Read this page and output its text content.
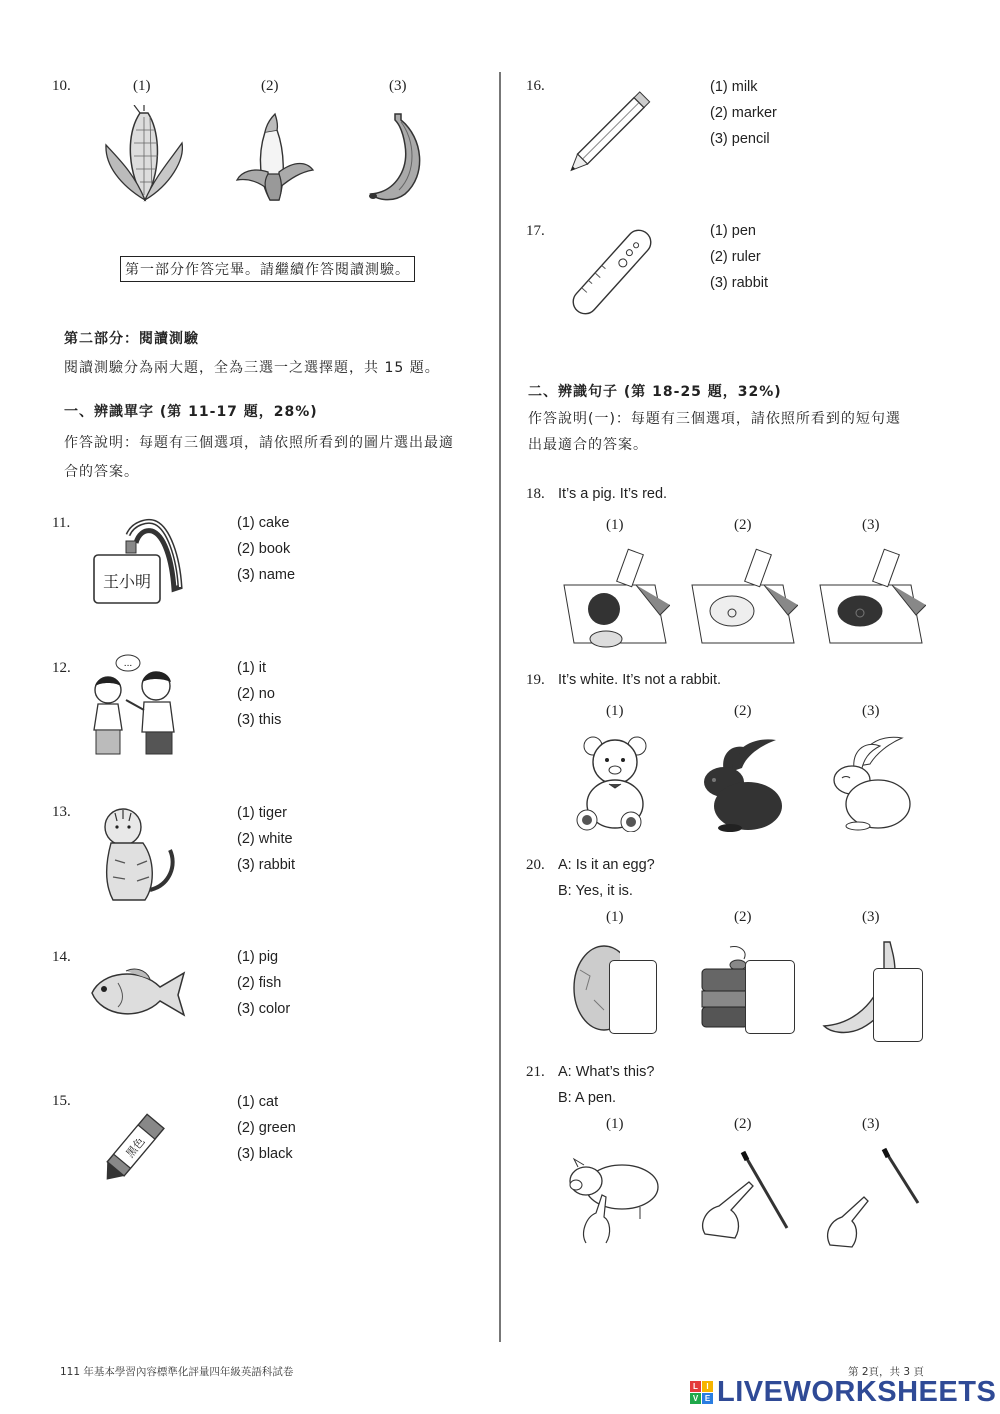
10.	(1)	(2)	(3)
第一部分作答完畢。請繼續作答閱讀測驗。
第二部分：閱讀測驗
閱讀測驗分為兩大題，全為三選一之選擇題，共 15 題。
一、辨識單字 (第 11-17 題，28%)
作答說明：每題有三個選項，請依照所看到的圖片選出最適
合的答案。
11.
王小明
(1) cake
(2) book
(3) name
12.	...	(1) it
(2) no
(3) this
13.	(1) tiger
(2) white
(3) rabbit
14.	(1) pig
(2) fish
(3) color
15.
黑色
(1) cat
(2) green
(3) black
16.	(1) milk
(2) marker
(3) pencil
17.	(1) pen
(2) ruler
(3) rabbit
二、辨識句子 (第 18-25 題，32%)
作答說明(一)：每題有三個選項，請依照所看到的短句選
出最適合的答案。
18. It’s a pig. It’s red.
(1)	(2)	(3)
19. It’s white. It’s not a rabbit.
(1)	(2)	(3)
20. A: Is it an egg?
B: Yes, it is.
(1)	(2)	(3)
21. A: What’s this?
B: A pen.
(1)	(2)	(3)
111 年基本學習內容標準化評量四年級英語科試卷	第 2頁，共 3 頁
L	I
V E LIVEWORKSHEETS
